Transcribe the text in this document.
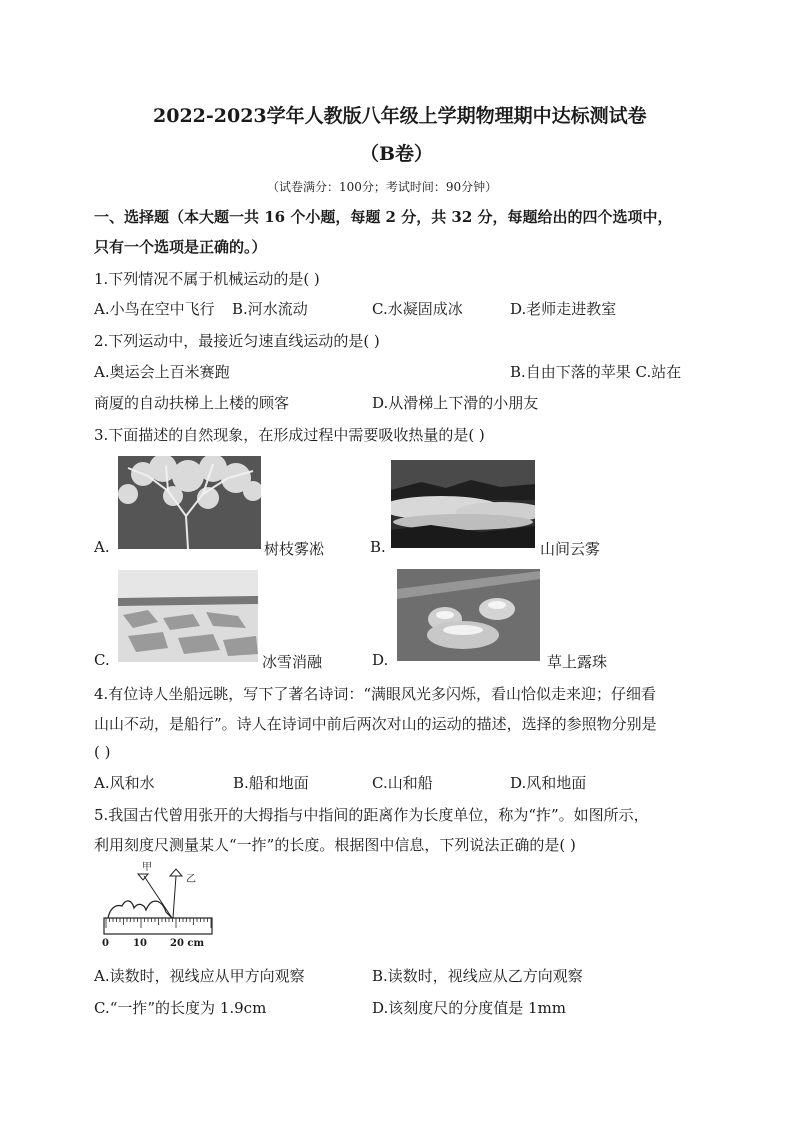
2022-2023学年人教版八年级上学期物理期中达标测试卷
（B卷）
（试卷满分：100分；考试时间：90分钟）
一、选择题（本大题一共 16 个小题，每题 2 分，共 32 分，每题给出的四个选项中，
只有一个选项是正确的。）
1.下列情况不属于机械运动的是( )
A.小鸟在空中飞行 B.河水流动	C.水凝固成冰	D.老师走进教室
2.下列运动中，最接近匀速直线运动的是( )
A.奥运会上百米赛跑	B.自由下落的苹果 C.站在
商厦的自动扶梯上上楼的顾客	D.从滑梯上下滑的小朋友
3.下面描述的自然现象，在形成过程中需要吸收热量的是( )
A.	树枝雾凇	B.	山间云雾
C.	冰雪消融	D.	草上露珠
4.有位诗人坐船远眺，写下了著名诗词：“满眼风光多闪烁，看山恰似走来迎；仔细看
山山不动，是船行”。诗人在诗词中前后两次对山的运动的描述，选择的参照物分别是
( )
A.风和水	B.船和地面	C.山和船	D.风和地面
5.我国古代曾用张开的大拇指与中指间的距离作为长度单位，称为“拃”。如图所示，
利用刻度尺测量某人“一拃”的长度。根据图中信息，下列说法正确的是( )
甲
乙
0 10 20 cm
A.读数时，视线应从甲方向观察	B.读数时，视线应从乙方向观察
C.“一拃”的长度为 1.9cm	D.该刻度尺的分度值是 1mm
